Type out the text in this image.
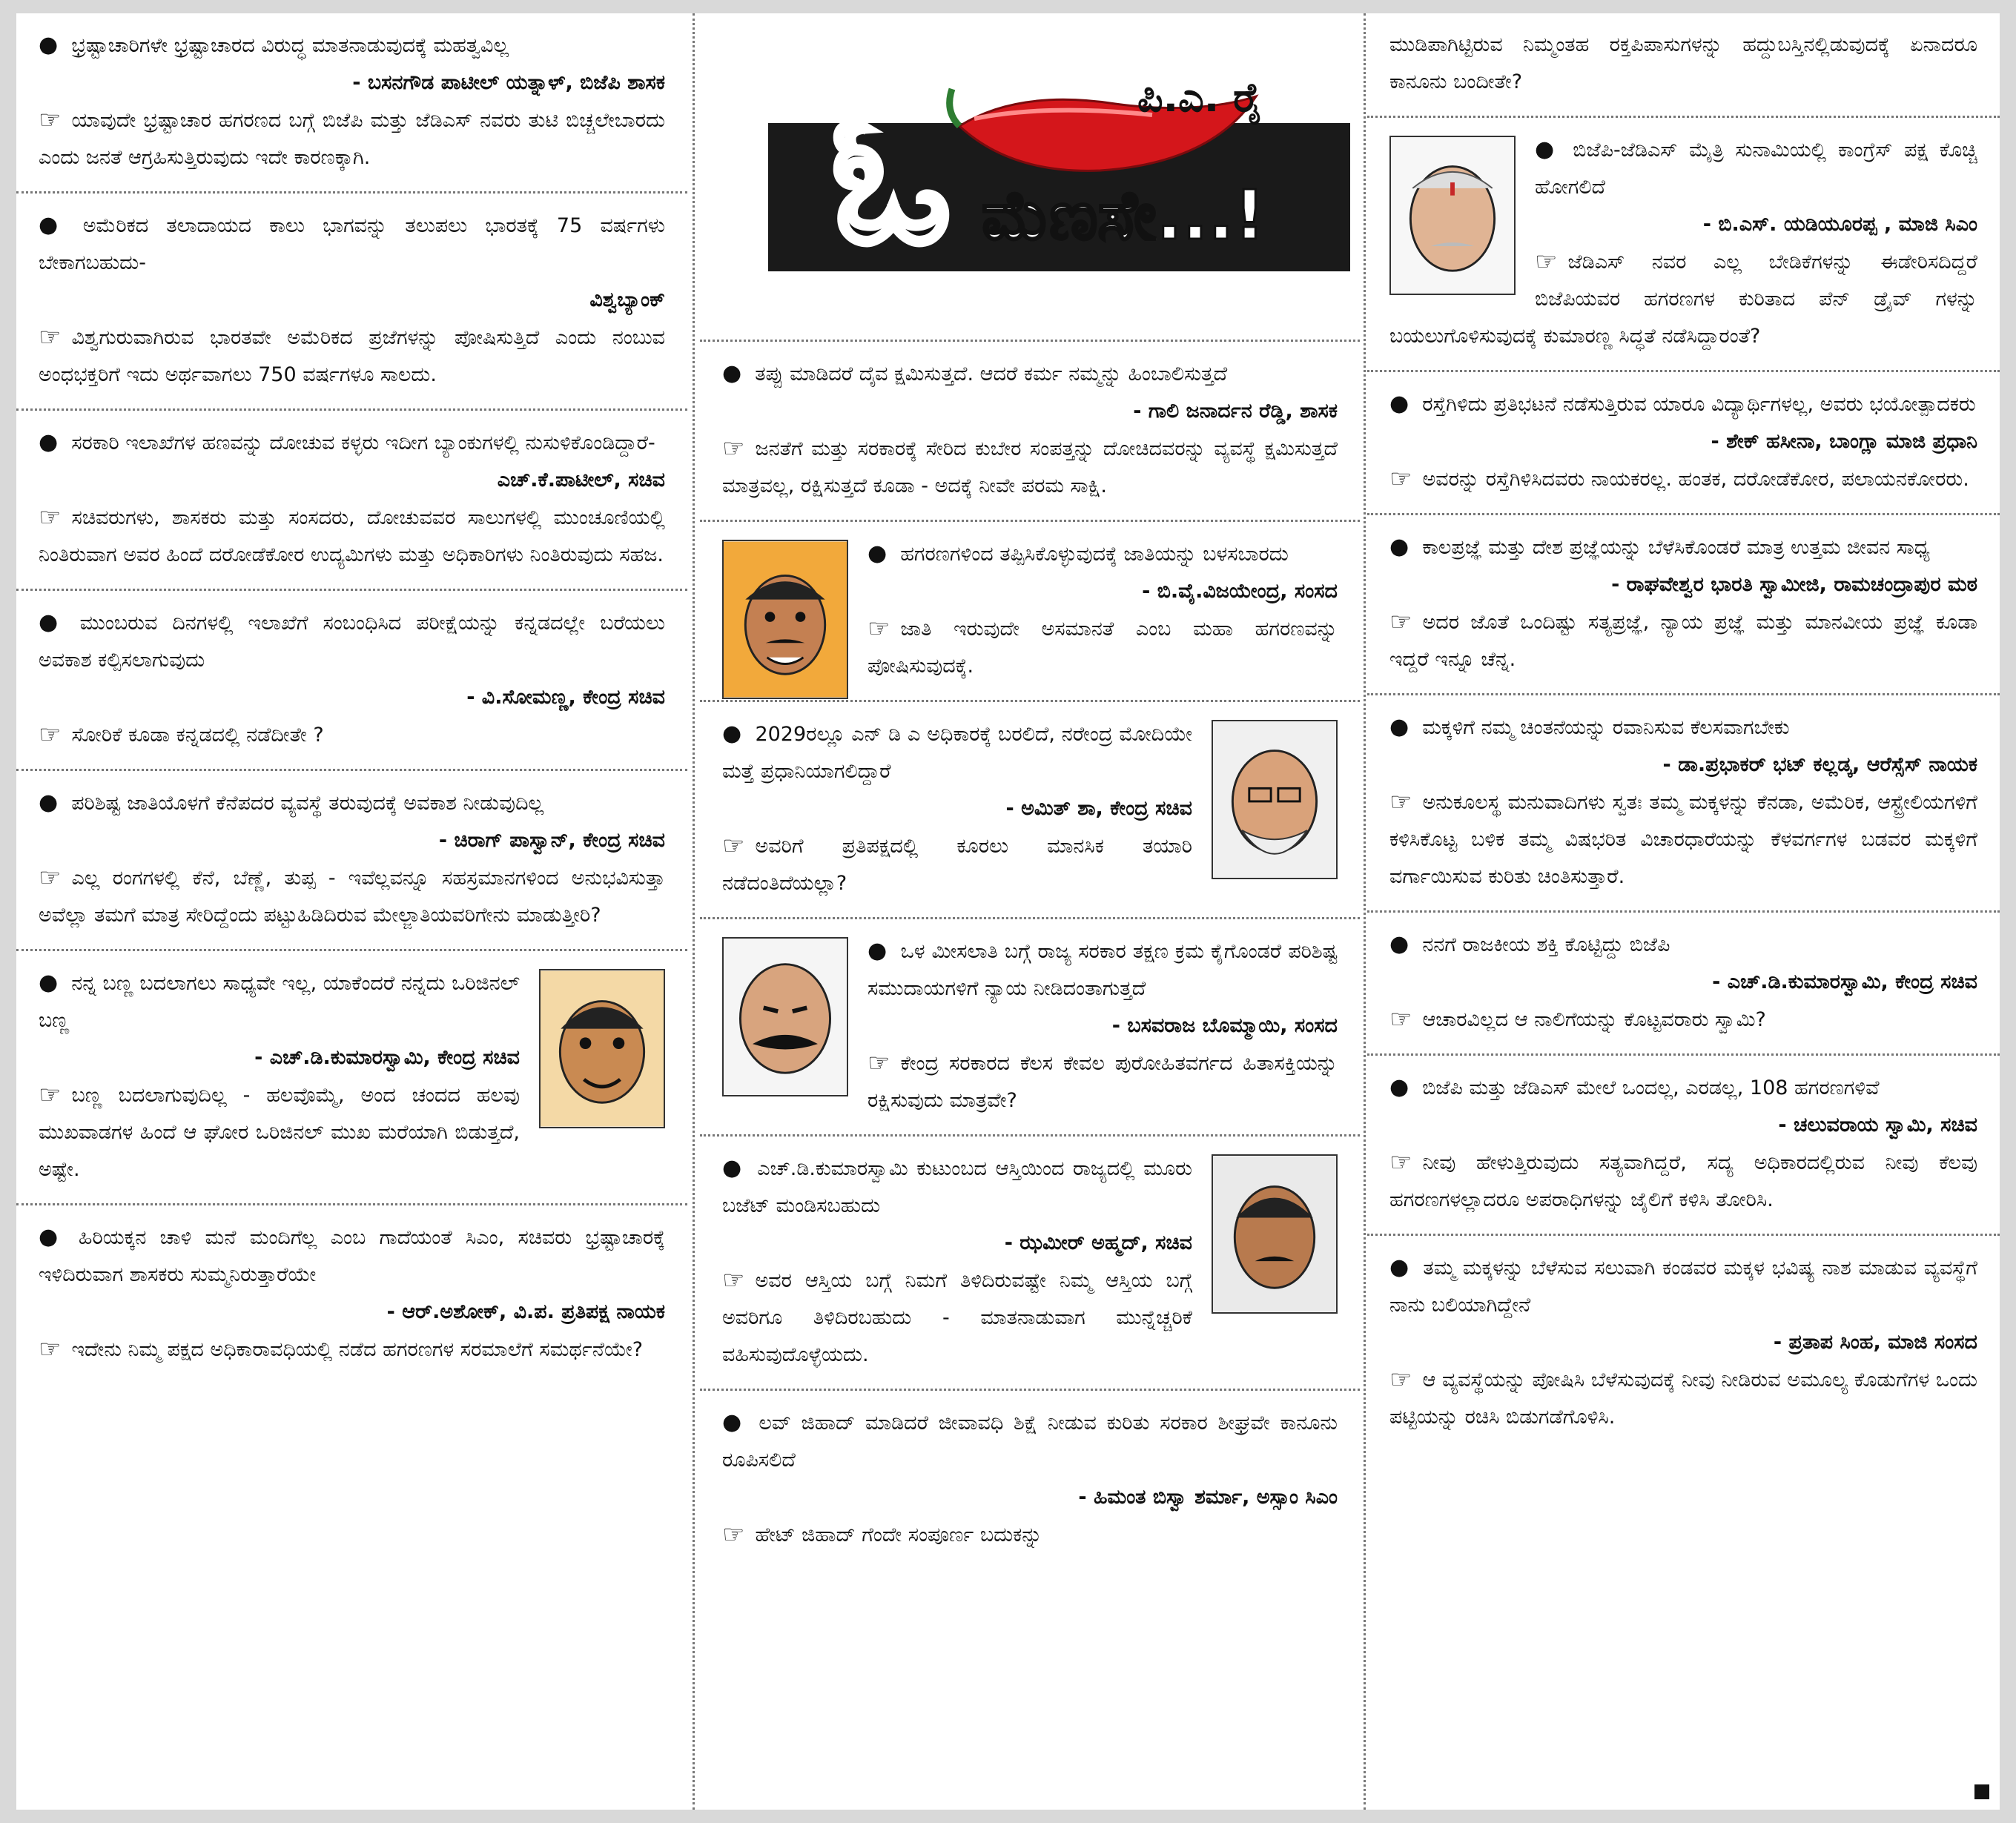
● ಭ್ರಷ್ಟಾಚಾರಿಗಳೇ ಭ್ರಷ್ಟಾಚಾರದ ವಿರುದ್ಧ ಮಾತನಾಡುವುದಕ್ಕೆ ಮಹತ್ವವಿಲ್ಲ
- ಬಸನಗೌಡ ಪಾಟೀಲ್ ಯತ್ನಾಳ್, ಬಿಜೆಪಿ ಶಾಸಕ
☞ ಯಾವುದೇ ಭ್ರಷ್ಟಾಚಾರ ಹಗರಣದ ಬಗ್ಗೆ ಬಿಜೆಪಿ ಮತ್ತು ಜೆಡಿಎಸ್ ನವರು ತುಟಿ ಬಿಚ್ಚಲೇಬಾರದು ಎಂದು ಜನತೆ ಆಗ್ರಹಿಸುತ್ತಿರುವುದು ಇದೇ ಕಾರಣಕ್ಕಾಗಿ.
● ಅಮೆರಿಕದ ತಲಾದಾಯದ ಕಾಲು ಭಾಗವನ್ನು ತಲುಪಲು ಭಾರತಕ್ಕೆ 75 ವರ್ಷಗಳು ಬೇಕಾಗಬಹುದು-
ವಿಶ್ವಬ್ಯಾಂಕ್
☞ ವಿಶ್ವಗುರುವಾಗಿರುವ ಭಾರತವೇ ಅಮೆರಿಕದ ಪ್ರಜೆಗಳನ್ನು ಪೋಷಿಸುತ್ತಿದೆ ಎಂದು ನಂಬುವ ಅಂಧಭಕ್ತರಿಗೆ ಇದು ಅರ್ಥವಾಗಲು 750 ವರ್ಷಗಳೂ ಸಾಲದು.
● ಸರಕಾರಿ ಇಲಾಖೆಗಳ ಹಣವನ್ನು ದೋಚುವ ಕಳ್ಳರು ಇದೀಗ ಬ್ಯಾಂಕುಗಳಲ್ಲಿ ನುಸುಳಿಕೊಂಡಿದ್ದಾರೆ-
ಎಚ್.ಕೆ.ಪಾಟೀಲ್, ಸಚಿವ
☞ ಸಚಿವರುಗಳು, ಶಾಸಕರು ಮತ್ತು ಸಂಸದರು, ದೋಚುವವರ ಸಾಲುಗಳಲ್ಲಿ ಮುಂಚೂಣಿಯಲ್ಲಿ ನಿಂತಿರುವಾಗ ಅವರ ಹಿಂದೆ ದರೋಡೆಕೋರ ಉದ್ಯಮಿಗಳು ಮತ್ತು ಅಧಿಕಾರಿಗಳು ನಿಂತಿರುವುದು ಸಹಜ.
● ಮುಂಬರುವ ದಿನಗಳಲ್ಲಿ ಇಲಾಖೆಗೆ ಸಂಬಂಧಿಸಿದ ಪರೀಕ್ಷೆಯನ್ನು ಕನ್ನಡದಲ್ಲೇ ಬರೆಯಲು ಅವಕಾಶ ಕಲ್ಪಿಸಲಾಗುವುದು
- ವಿ.ಸೋಮಣ್ಣ, ಕೇಂದ್ರ ಸಚಿವ
☞ ಸೋರಿಕೆ ಕೂಡಾ ಕನ್ನಡದಲ್ಲಿ ನಡೆದೀತೇ ?
● ಪರಿಶಿಷ್ಟ ಜಾತಿಯೊಳಗೆ ಕೆನೆಪದರ ವ್ಯವಸ್ಥೆ ತರುವುದಕ್ಕೆ ಅವಕಾಶ ನೀಡುವುದಿಲ್ಲ
- ಚಿರಾಗ್ ಪಾಸ್ವಾನ್, ಕೇಂದ್ರ ಸಚಿವ
☞ ಎಲ್ಲ ರಂಗಗಳಲ್ಲಿ ಕೆನೆ, ಬೆಣ್ಣೆ, ತುಪ್ಪ - ಇವೆಲ್ಲವನ್ನೂ ಸಹಸ್ರಮಾನಗಳಿಂದ ಅನುಭವಿಸುತ್ತಾ ಅವೆಲ್ಲಾ ತಮಗೆ ಮಾತ್ರ ಸೇರಿದ್ದೆಂದು ಪಟ್ಟುಹಿಡಿದಿರುವ ಮೇಲ್ಜಾತಿಯವರಿಗೇನು ಮಾಡುತ್ತೀರಿ?
● ನನ್ನ ಬಣ್ಣ ಬದಲಾಗಲು ಸಾಧ್ಯವೇ ಇಲ್ಲ, ಯಾಕೆಂದರೆ ನನ್ನದು ಒರಿಜಿನಲ್ ಬಣ್ಣ
- ಎಚ್.ಡಿ.ಕುಮಾರಸ್ವಾಮಿ, ಕೇಂದ್ರ ಸಚಿವ
☞ ಬಣ್ಣ ಬದಲಾಗುವುದಿಲ್ಲ - ಹಲವೊಮ್ಮೆ, ಅಂದ ಚಂದದ ಹಲವು ಮುಖವಾಡಗಳ ಹಿಂದೆ ಆ ಘೋರ ಒರಿಜಿನಲ್ ಮುಖ ಮರೆಯಾಗಿ ಬಿಡುತ್ತದೆ, ಅಷ್ಟೇ.
● ಹಿರಿಯಕ್ಕನ ಚಾಳಿ ಮನೆ ಮಂದಿಗೆಲ್ಲ ಎಂಬ ಗಾದೆಯಂತೆ ಸಿಎಂ, ಸಚಿವರು ಭ್ರಷ್ಟಾಚಾರಕ್ಕೆ ಇಳಿದಿರುವಾಗ ಶಾಸಕರು ಸುಮ್ಮನಿರುತ್ತಾರೆಯೇ
- ಆರ್.ಅಶೋಕ್, ವಿ.ಪ. ಪ್ರತಿಪಕ್ಷ ನಾಯಕ
☞ ಇದೇನು ನಿಮ್ಮ ಪಕ್ಷದ ಅಧಿಕಾರಾವಧಿಯಲ್ಲಿ ನಡೆದ ಹಗರಣಗಳ ಸರಮಾಲೆಗೆ ಸಮರ್ಥನೆಯೇ?
ಓ ಮೆಣಸೇ...!
ಪಿ.ಎ. ರೈ
● ತಪ್ಪು ಮಾಡಿದರೆ ದೈವ ಕ್ಷಮಿಸುತ್ತದೆ. ಆದರೆ ಕರ್ಮ ನಮ್ಮನ್ನು ಹಿಂಬಾಲಿಸುತ್ತದೆ
- ಗಾಲಿ ಜನಾರ್ದನ ರೆಡ್ಡಿ, ಶಾಸಕ
☞ ಜನತೆಗೆ ಮತ್ತು ಸರಕಾರಕ್ಕೆ ಸೇರಿದ ಕುಬೇರ ಸಂಪತ್ತನ್ನು ದೋಚಿದವರನ್ನು ವ್ಯವಸ್ಥೆ ಕ್ಷಮಿಸುತ್ತದೆ ಮಾತ್ರವಲ್ಲ, ರಕ್ಷಿಸುತ್ತದೆ ಕೂಡಾ - ಅದಕ್ಕೆ ನೀವೇ ಪರಮ ಸಾಕ್ಷಿ.
● ಹಗರಣಗಳಿಂದ ತಪ್ಪಿಸಿಕೊಳ್ಳುವುದಕ್ಕೆ ಜಾತಿಯನ್ನು ಬಳಸಬಾರದು
- ಬಿ.ವೈ.ವಿಜಯೇಂದ್ರ, ಸಂಸದ
☞ ಜಾತಿ ಇರುವುದೇ ಅಸಮಾನತೆ ಎಂಬ ಮಹಾ ಹಗರಣವನ್ನು ಪೋಷಿಸುವುದಕ್ಕೆ.
● 2029ರಲ್ಲೂ ಎನ್ ಡಿ ಎ ಅಧಿಕಾರಕ್ಕೆ ಬರಲಿದೆ, ನರೇಂದ್ರ ಮೋದಿಯೇ ಮತ್ತೆ ಪ್ರಧಾನಿಯಾಗಲಿದ್ದಾರೆ
- ಅಮಿತ್ ಶಾ, ಕೇಂದ್ರ ಸಚಿವ
☞ ಅವರಿಗೆ ಪ್ರತಿಪಕ್ಷದಲ್ಲಿ ಕೂರಲು ಮಾನಸಿಕ ತಯಾರಿ ನಡೆದಂತಿದೆಯಲ್ಲಾ?
● ಒಳ ಮೀಸಲಾತಿ ಬಗ್ಗೆ ರಾಜ್ಯ ಸರಕಾರ ತಕ್ಷಣ ಕ್ರಮ ಕೈಗೊಂಡರೆ ಪರಿಶಿಷ್ಟ ಸಮುದಾಯಗಳಿಗೆ ನ್ಯಾಯ ನೀಡಿದಂತಾಗುತ್ತದೆ
- ಬಸವರಾಜ ಬೊಮ್ಮಾಯಿ, ಸಂಸದ
☞ ಕೇಂದ್ರ ಸರಕಾರದ ಕೆಲಸ ಕೇವಲ ಪುರೋಹಿತವರ್ಗದ ಹಿತಾಸಕ್ತಿಯನ್ನು ರಕ್ಷಿಸುವುದು ಮಾತ್ರವೇ?
● ಎಚ್.ಡಿ.ಕುಮಾರಸ್ವಾಮಿ ಕುಟುಂಬದ ಆಸ್ತಿಯಿಂದ ರಾಜ್ಯದಲ್ಲಿ ಮೂರು ಬಜೆಟ್ ಮಂಡಿಸಬಹುದು
- ಝಮೀರ್ ಅಹ್ಮದ್, ಸಚಿವ
☞ ಅವರ ಆಸ್ತಿಯ ಬಗ್ಗೆ ನಿಮಗೆ ತಿಳಿದಿರುವಷ್ಟೇ ನಿಮ್ಮ ಆಸ್ತಿಯ ಬಗ್ಗೆ ಅವರಿಗೂ ತಿಳಿದಿರಬಹುದು - ಮಾತನಾಡುವಾಗ ಮುನ್ನೆಚ್ಚರಿಕೆ ವಹಿಸುವುದೊಳ್ಳೆಯದು.
● ಲವ್ ಜಿಹಾದ್ ಮಾಡಿದರೆ ಜೀವಾವಧಿ ಶಿಕ್ಷೆ ನೀಡುವ ಕುರಿತು ಸರಕಾರ ಶೀಘ್ರವೇ ಕಾನೂನು ರೂಪಿಸಲಿದೆ
- ಹಿಮಂತ ಬಿಸ್ವಾ ಶರ್ಮಾ, ಅಸ್ಸಾಂ ಸಿಎಂ
☞ ಹೇಟ್ ಜಿಹಾದ್ ಗೆಂದೇ ಸಂಪೂರ್ಣ ಬದುಕನ್ನು
ಮುಡಿಪಾಗಿಟ್ಟಿರುವ ನಿಮ್ಮಂತಹ ರಕ್ತಪಿಪಾಸುಗಳನ್ನು ಹದ್ದುಬಸ್ತಿನಲ್ಲಿಡುವುದಕ್ಕೆ ಏನಾದರೂ ಕಾನೂನು ಬಂದೀತೇ?
● ಬಿಜೆಪಿ-ಜೆಡಿಎಸ್ ಮೈತ್ರಿ ಸುನಾಮಿಯಲ್ಲಿ ಕಾಂಗ್ರೆಸ್ ಪಕ್ಷ ಕೊಚ್ಚಿ ಹೋಗಲಿದೆ
- ಬಿ.ಎಸ್. ಯಡಿಯೂರಪ್ಪ , ಮಾಜಿ ಸಿಎಂ
☞ ಜೆಡಿಎಸ್ ನವರ ಎಲ್ಲ ಬೇಡಿಕೆಗಳನ್ನು ಈಡೇರಿಸದಿದ್ದರೆ ಬಿಜೆಪಿಯವರ ಹಗರಣಗಳ ಕುರಿತಾದ ಪೆನ್ ಡ್ರೈವ್ ಗಳನ್ನು ಬಯಲುಗೊಳಿಸುವುದಕ್ಕೆ ಕುಮಾರಣ್ಣ ಸಿದ್ಧತೆ ನಡೆಸಿದ್ದಾರಂತೆ?
● ರಸ್ತೆಗಿಳಿದು ಪ್ರತಿಭಟನೆ ನಡೆಸುತ್ತಿರುವ ಯಾರೂ ವಿದ್ಯಾರ್ಥಿಗಳಲ್ಲ, ಅವರು ಭಯೋತ್ಪಾದಕರು
- ಶೇಕ್ ಹಸೀನಾ, ಬಾಂಗ್ಲಾ ಮಾಜಿ ಪ್ರಧಾನಿ
☞ ಅವರನ್ನು ರಸ್ತೆಗಿಳಿಸಿದವರು ನಾಯಕರಲ್ಲ. ಹಂತಕ, ದರೋಡೆಕೋರ, ಪಲಾಯನಕೋರರು.
● ಕಾಲಪ್ರಜ್ಞೆ ಮತ್ತು ದೇಶ ಪ್ರಜ್ಞೆಯನ್ನು ಬೆಳೆಸಿಕೊಂಡರೆ ಮಾತ್ರ ಉತ್ತಮ ಜೀವನ ಸಾಧ್ಯ
- ರಾಘವೇಶ್ವರ ಭಾರತಿ ಸ್ವಾಮೀಜಿ, ರಾಮಚಂದ್ರಾಪುರ ಮಠ
☞ ಅದರ ಜೊತೆ ಒಂದಿಷ್ಟು ಸತ್ಯಪ್ರಜ್ಞೆ, ನ್ಯಾಯ ಪ್ರಜ್ಞೆ ಮತ್ತು ಮಾನವೀಯ ಪ್ರಜ್ಞೆ ಕೂಡಾ ಇದ್ದರೆ ಇನ್ನೂ ಚೆನ್ನ.
● ಮಕ್ಕಳಿಗೆ ನಮ್ಮ ಚಿಂತನೆಯನ್ನು ರವಾನಿಸುವ ಕೆಲಸವಾಗಬೇಕು
- ಡಾ.ಪ್ರಭಾಕರ್ ಭಟ್ ಕಲ್ಲಡ್ಕ, ಆರೆಸ್ಸೆಸ್ ನಾಯಕ
☞ ಅನುಕೂಲಸ್ಥ ಮನುವಾದಿಗಳು ಸ್ವತಃ ತಮ್ಮ ಮಕ್ಕಳನ್ನು ಕೆನಡಾ, ಅಮೆರಿಕ, ಆಸ್ಟ್ರೇಲಿಯಗಳಿಗೆ ಕಳಿಸಿಕೊಟ್ಟ ಬಳಿಕ ತಮ್ಮ ವಿಷಭರಿತ ವಿಚಾರಧಾರೆಯನ್ನು ಕೆಳವರ್ಗಗಳ ಬಡವರ ಮಕ್ಕಳಿಗೆ ವರ್ಗಾಯಿಸುವ ಕುರಿತು ಚಿಂತಿಸುತ್ತಾರೆ.
● ನನಗೆ ರಾಜಕೀಯ ಶಕ್ತಿ ಕೊಟ್ಟಿದ್ದು ಬಿಜೆಪಿ
- ಎಚ್.ಡಿ.ಕುಮಾರಸ್ವಾಮಿ, ಕೇಂದ್ರ ಸಚಿವ
☞ ಆಚಾರವಿಲ್ಲದ ಆ ನಾಲಿಗೆಯನ್ನು ಕೊಟ್ಟವರಾರು ಸ್ವಾಮಿ?
● ಬಿಜೆಪಿ ಮತ್ತು ಜೆಡಿಎಸ್ ಮೇಲೆ ಒಂದಲ್ಲ, ಎರಡಲ್ಲ, 108 ಹಗರಣಗಳಿವೆ
- ಚಲುವರಾಯ ಸ್ವಾಮಿ, ಸಚಿವ
☞ ನೀವು ಹೇಳುತ್ತಿರುವುದು ಸತ್ಯವಾಗಿದ್ದರೆ, ಸದ್ಯ ಅಧಿಕಾರದಲ್ಲಿರುವ ನೀವು ಕೆಲವು ಹಗರಣಗಳಲ್ಲಾದರೂ ಅಪರಾಧಿಗಳನ್ನು ಜೈಲಿಗೆ ಕಳಿಸಿ ತೋರಿಸಿ.
● ತಮ್ಮ ಮಕ್ಕಳನ್ನು ಬೆಳೆಸುವ ಸಲುವಾಗಿ ಕಂಡವರ ಮಕ್ಕಳ ಭವಿಷ್ಯ ನಾಶ ಮಾಡುವ ವ್ಯವಸ್ಥೆಗೆ ನಾನು ಬಲಿಯಾಗಿದ್ದೇನೆ
- ಪ್ರತಾಪ ಸಿಂಹ, ಮಾಜಿ ಸಂಸದ
☞ ಆ ವ್ಯವಸ್ಥೆಯನ್ನು ಪೋಷಿಸಿ ಬೆಳೆಸುವುದಕ್ಕೆ ನೀವು ನೀಡಿರುವ ಅಮೂಲ್ಯ ಕೊಡುಗೆಗಳ ಒಂದು ಪಟ್ಟಿಯನ್ನು ರಚಿಸಿ ಬಿಡುಗಡೆಗೊಳಿಸಿ.
